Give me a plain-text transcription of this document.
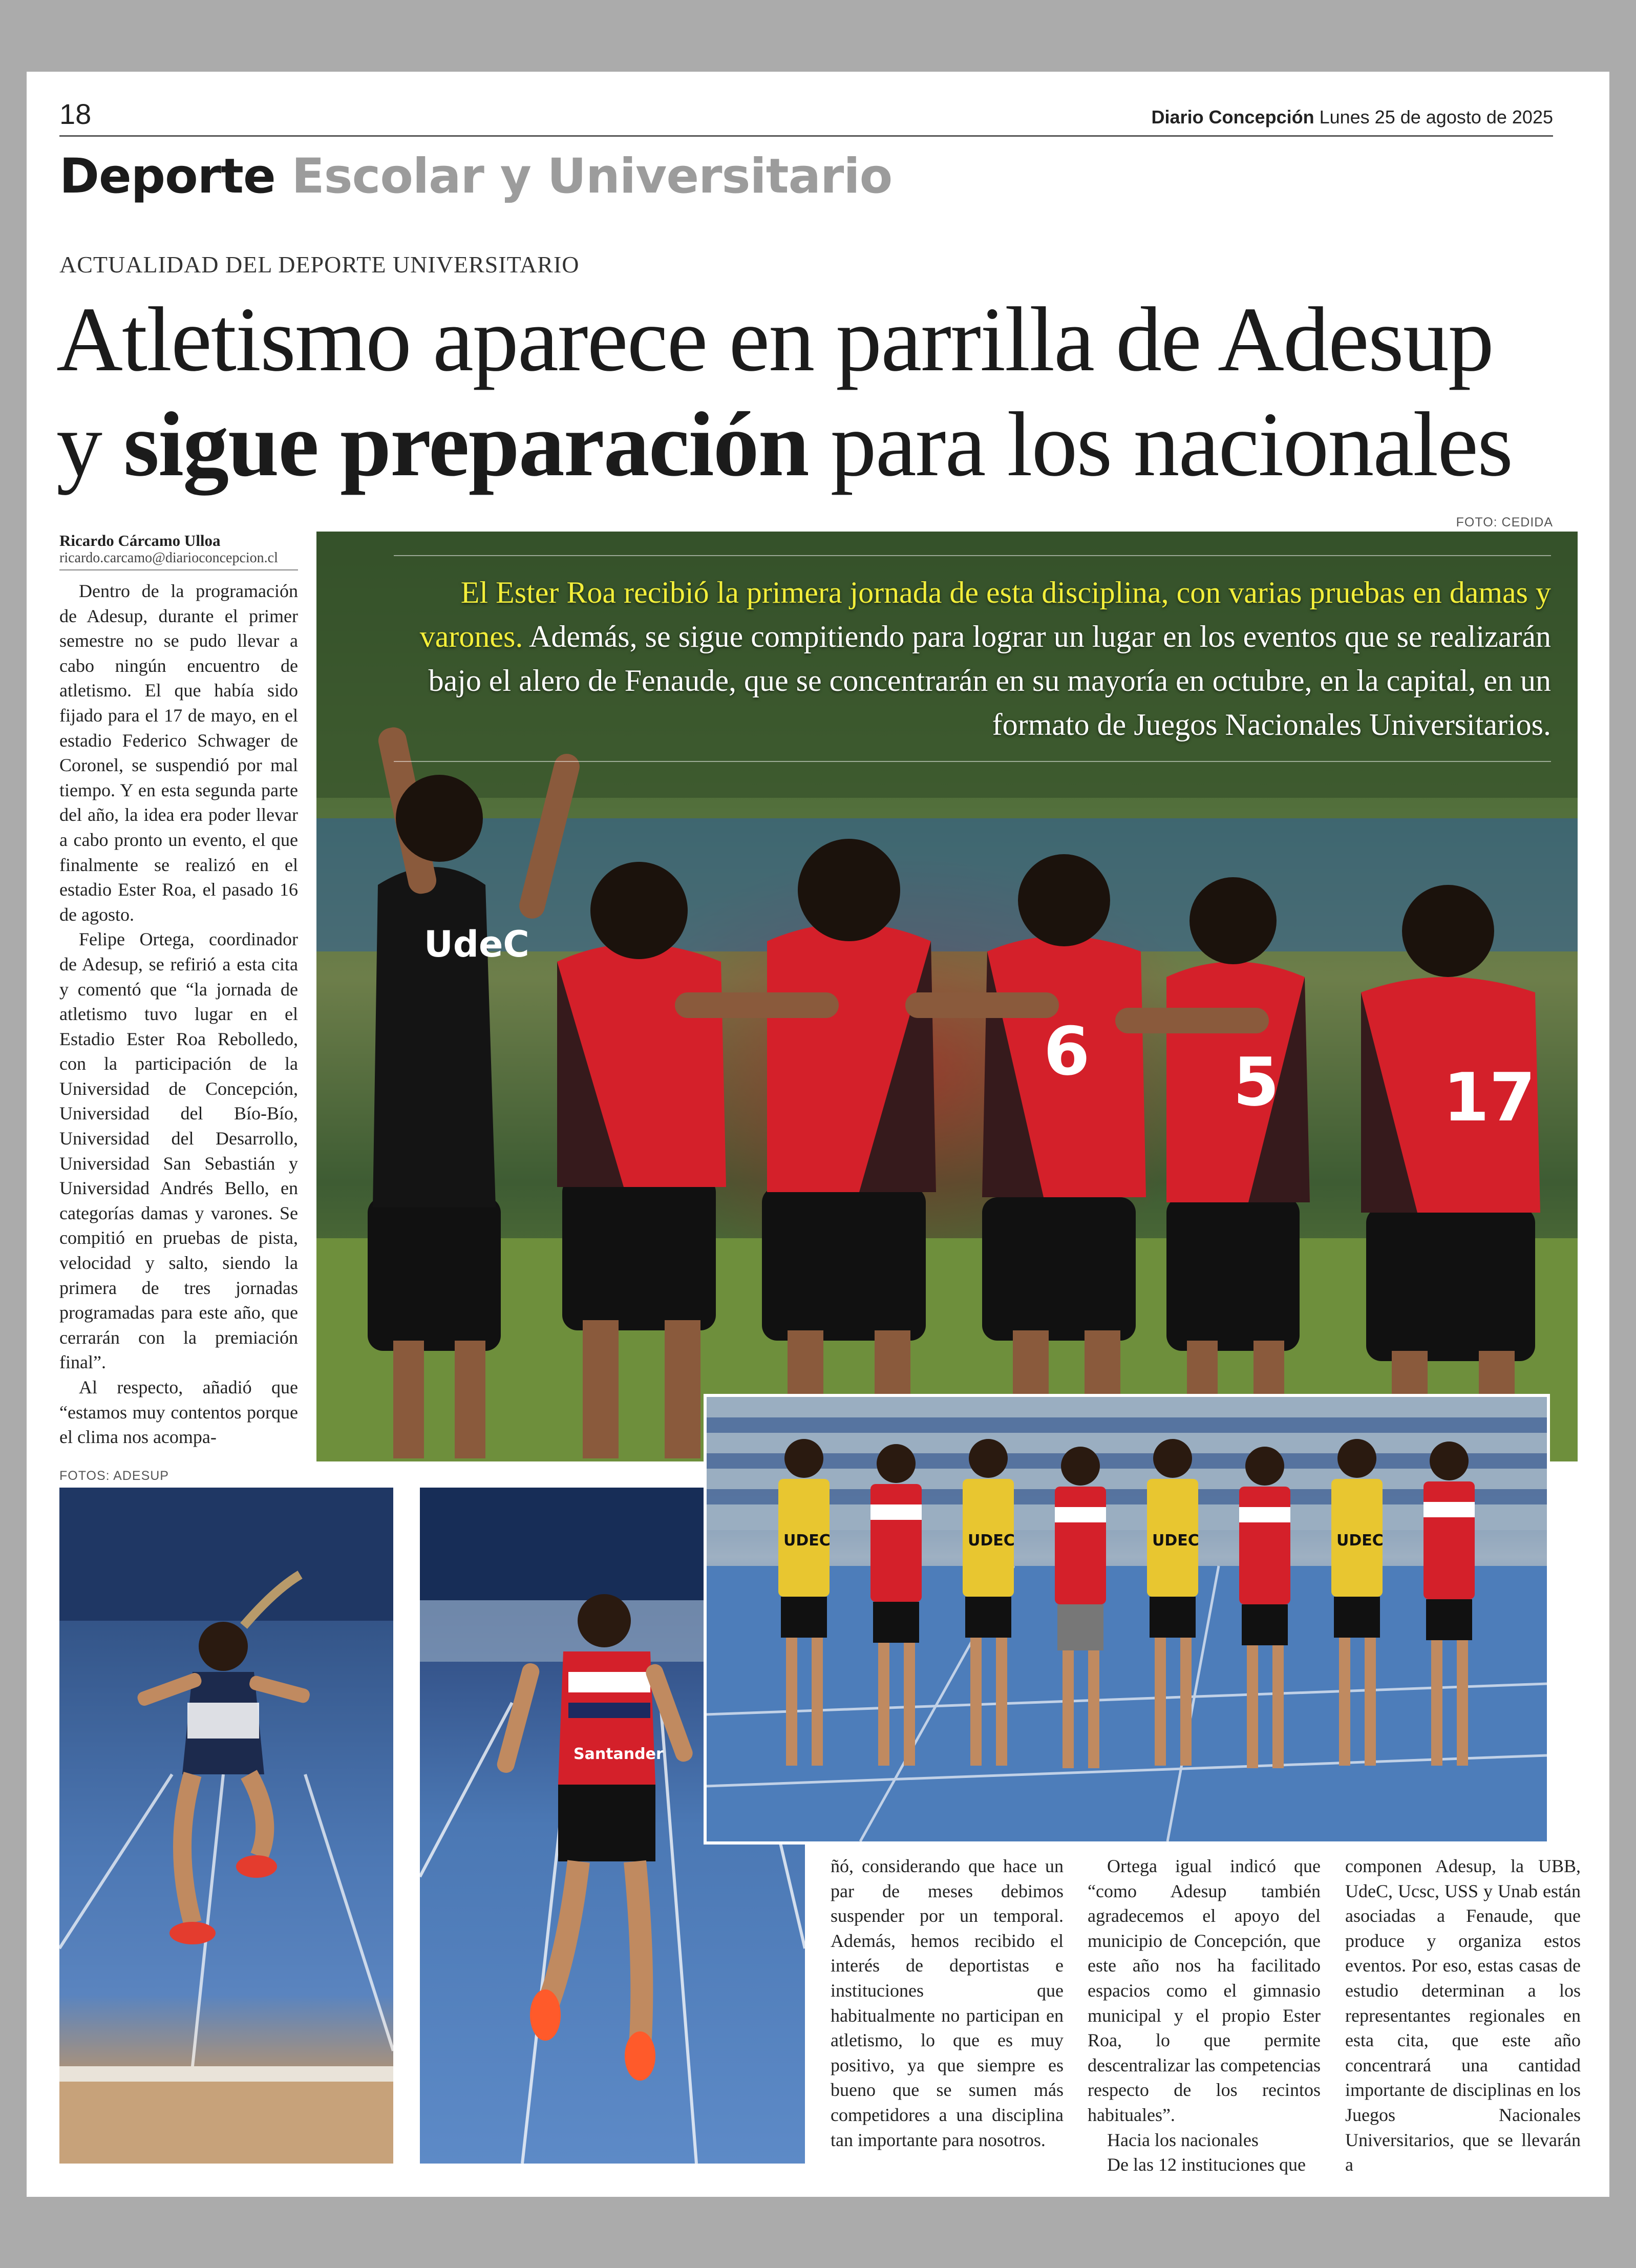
18	Diario Concepción Lunes 25 de agosto de 2025
Deporte Escolar y Universitario
ACTUALIDAD DEL DEPORTE UNIVERSITARIO
Atletismo aparece en parrilla de Adesup
y sigue preparación para los nacionales
FOTO: CEDIDA
Ricardo Cárcamo Ulloa
ricardo.carcamo@diarioconcepcion.cl

Dentro de la programación de Adesup, durante el primer semestre no se pudo llevar a cabo ningún encuentro de atletismo. El que había sido fijado para el 17 de mayo, en el estadio Federico Schwager de Coronel, se suspendió por mal tiempo. Y en esta segunda parte del año, la idea era poder llevar a cabo pronto un evento, el que finalmente se realizó en el estadio Ester Roa, el pasado 16 de agosto.

Felipe Ortega, coordinador de Adesup, se refirió a esta cita y comentó que “la jornada de atletismo tuvo lugar en el Estadio Ester Roa Rebolledo, con la participación de la Universidad de Concepción, Universidad del Bío-Bío, Universidad del Desarrollo, Universidad San Sebastián y Universidad Andrés Bello, en categorías damas y varones. Se compitió en pruebas de pista, velocidad y salto, siendo la primera de tres jornadas programadas para este año, que cerrarán con la premiación final”.

Al respecto, añadió que “estamos muy contentos porque el clima nos acompa-

6 5 17
UdeC
El Ester Roa recibió la primera jornada de esta disciplina, con varias pruebas en damas y varones. Además, se sigue compitiendo para lograr un lugar en los eventos que se realizarán bajo el alero de Fenaude, que se concentrarán en su mayoría en octubre, en la capital, en un formato de Juegos Nacionales Universitarios.
FOTOS: ADESUP
Santander
UDEC	UDEC	UDEC	UDEC

ñó, considerando que hace un par de meses debimos suspender por un temporal. Además, hemos recibido el interés de deportistas e instituciones que habitualmente no participan en atletismo, lo que es muy positivo, ya que siempre es bueno que se sumen más competidores a una disciplina tan importante para nosotros.

Ortega igual indicó que “como Adesup también agradecemos el apoyo del municipio de Concepción, que este año nos ha facilitado espacios como el gimnasio municipal y el propio Ester Roa, lo que permite descentralizar las competencias respecto de los recintos habituales”.

Hacia los nacionales

De las 12 instituciones que

componen Adesup, la UBB, UdeC, Ucsc, USS y Unab están asociadas a Fenaude, que produce y organiza estos eventos. Por eso, estas casas de estudio determinan a los representantes regionales en esta cita, que este año concentrará una cantidad importante de disciplinas en los Juegos Nacionales Universitarios, que se llevarán a
